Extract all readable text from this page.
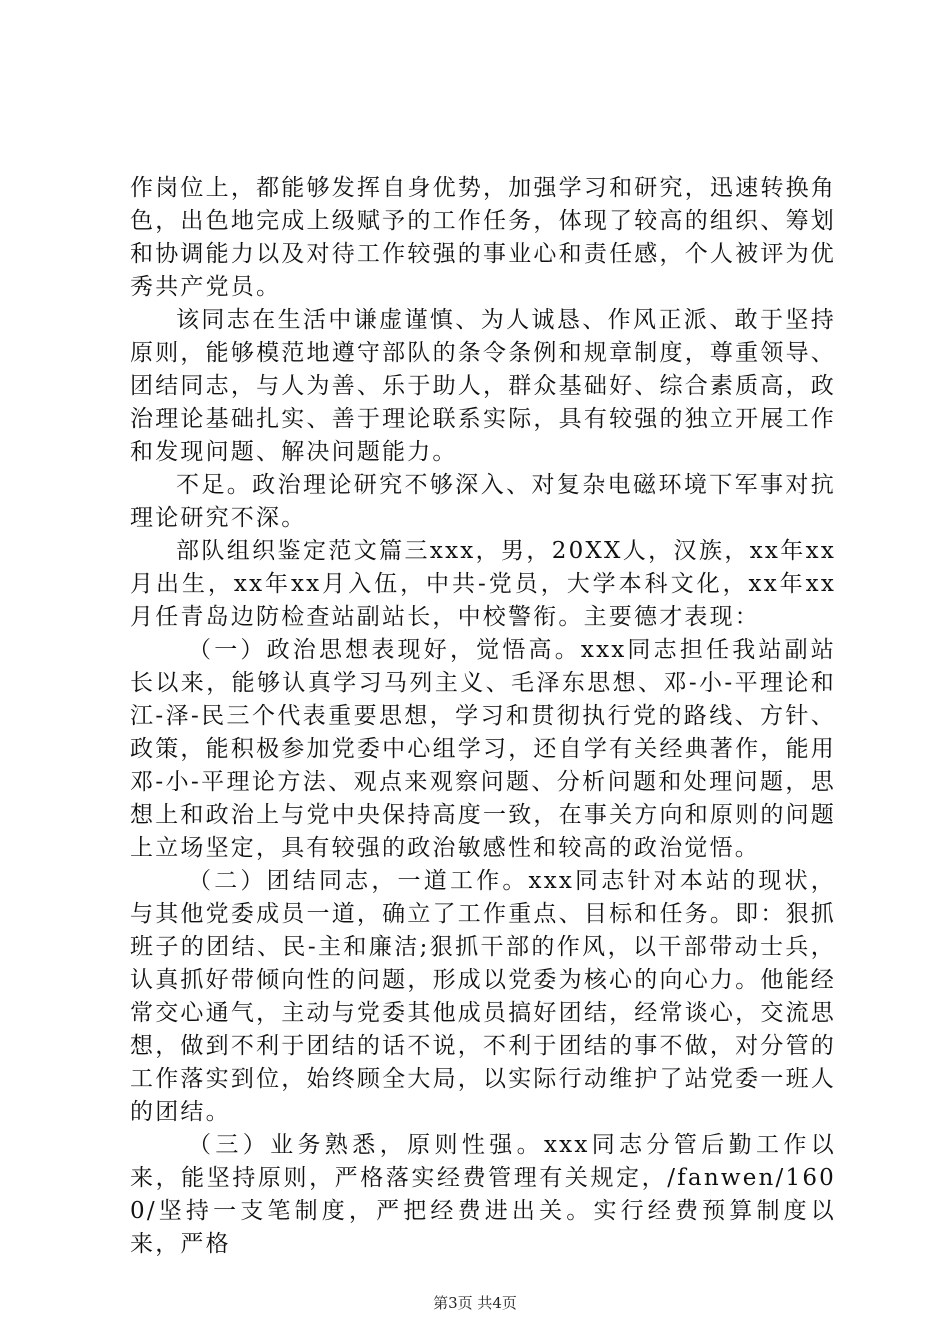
作岗位上，都能够发挥自身优势，加强学习和研究，迅速转换角色，出色地完成上级赋予的工作任务，体现了较高的组织、筹划和协调能力以及对待工作较强的事业心和责任感，个人被评为优秀共产党员。

该同志在生活中谦虚谨慎、为人诚恳、作风正派、敢于坚持原则，能够模范地遵守部队的条令条例和规章制度，尊重领导、团结同志，与人为善、乐于助人，群众基础好、综合素质高，政治理论基础扎实、善于理论联系实际，具有较强的独立开展工作和发现问题、解决问题能力。

不足。政治理论研究不够深入、对复杂电磁环境下军事对抗理论研究不深。

部队组织鉴定范文篇三xxx，男，20XX人，汉族，xx年xx月出生，xx年xx月入伍，中共-党员，大学本科文化，xx年xx月任青岛边防检查站副站长，中校警衔。主要德才表现：

（一）政治思想表现好，觉悟高。xxx同志担任我站副站长以来，能够认真学习马列主义、毛泽东思想、邓-小-平理论和江-泽-民三个代表重要思想，学习和贯彻执行党的路线、方针、政策，能积极参加党委中心组学习，还自学有关经典著作，能用邓-小-平理论方法、观点来观察问题、分析问题和处理问题，思想上和政治上与党中央保持高度一致，在事关方向和原则的问题上立场坚定，具有较强的政治敏感性和较高的政治觉悟。

（二）团结同志，一道工作。xxx同志针对本站的现状，与其他党委成员一道，确立了工作重点、目标和任务。即：狠抓班子的团结、民-主和廉洁;狠抓干部的作风，以干部带动士兵，认真抓好带倾向性的问题，形成以党委为核心的向心力。他能经常交心通气，主动与党委其他成员搞好团结，经常谈心，交流思想，做到不利于团结的话不说，不利于团结的事不做，对分管的工作落实到位，始终顾全大局，以实际行动维护了站党委一班人的团结。

（三）业务熟悉，原则性强。xxx同志分管后勤工作以来，能坚持原则，严格落实经费管理有关规定，/fanwen/1600/坚持一支笔制度，严把经费进出关。实行经费预算制度以来，严格

第3页 共4页
